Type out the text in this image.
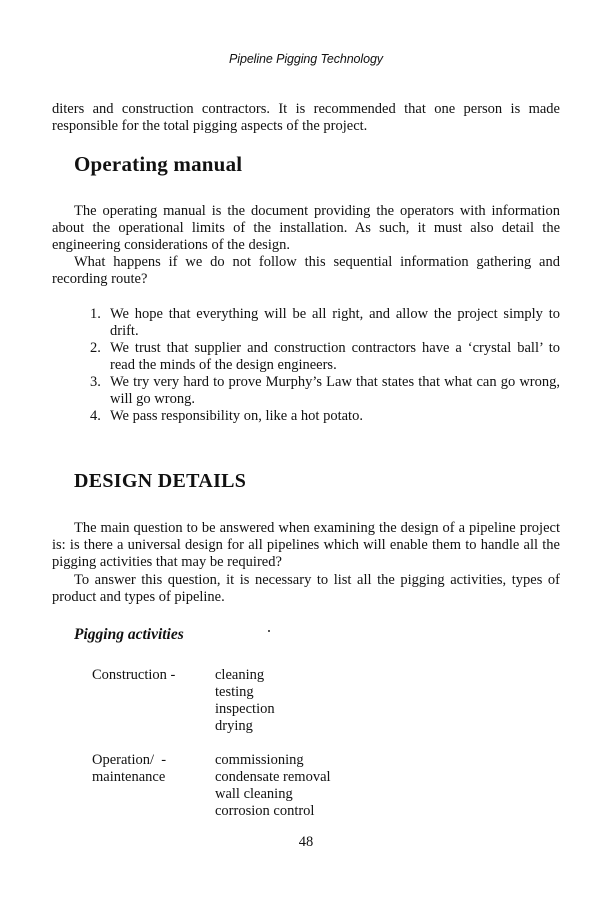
Pipeline Pigging Technology

diters and construction contractors. It is recommended that one person is made responsible for the total pigging aspects of the project.

Operating manual

The operating manual is the document providing the operators with information about the operational limits of the installation. As such, it must also detail the engineering considerations of the design.

What happens if we do not follow this sequential information gathering and recording route?

1. We hope that everything will be all right, and allow the project simply to drift.
2. We trust that supplier and construction contractors have a ‘crystal ball’ to read the minds of the design engineers.
3. We try very hard to prove Murphy’s Law that states that what can go wrong, will go wrong.
4. We pass responsibility on, like a hot potato.
DESIGN DETAILS

The main question to be answered when examining the design of a pipeline project is: is there a universal design for all pipelines which will enable them to handle all the pigging activities that may be required?

To answer this question, it is necessary to list all the pigging activities, types of product and types of pipeline.

Pigging activities
Construction -	cleaning
testing
inspection
drying
Operation/  -
maintenance
commissioning
condensate removal
wall cleaning
corrosion control
48
